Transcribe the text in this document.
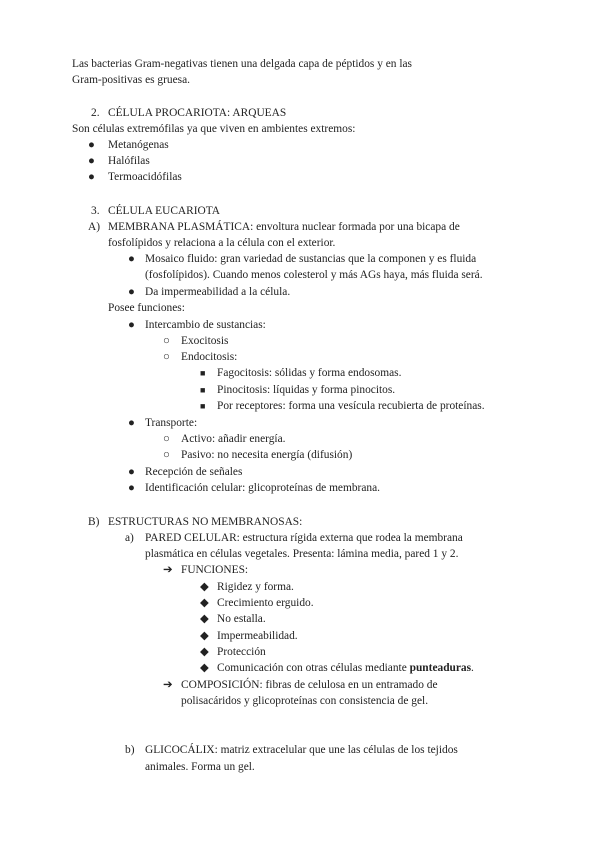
Las bacterias Gram-negativas tienen una delgada capa de péptidos y en las
Gram-positivas es gruesa.
2. CÉLULA PROCARIOTA: ARQUEAS
Son células extremófilas ya que viven en ambientes extremos:
● Metanógenas
● Halófilas
● Termoacidófilas
3. CÉLULA EUCARIOTA
A) MEMBRANA PLASMÁTICA: envoltura nuclear formada por una bicapa de
fosfolípidos y relaciona a la célula con el exterior.
● Mosaico fluido: gran variedad de sustancias que la componen y es fluida
(fosfolípidos). Cuando menos colesterol y más AGs haya, más fluida será.
● Da impermeabilidad a la célula.
Posee funciones:
● Intercambio de sustancias:
○ Exocitosis
○ Endocitosis:
■ Fagocitosis: sólidas y forma endosomas.
■ Pinocitosis: líquidas y forma pinocitos.
■ Por receptores: forma una vesícula recubierta de proteínas.
● Transporte:
○ Activo: añadir energía.
○ Pasivo: no necesita energía (difusión)
● Recepción de señales
● Identificación celular: glicoproteínas de membrana.
B) ESTRUCTURAS NO MEMBRANOSAS:
a) PARED CELULAR: estructura rígida externa que rodea la membrana
plasmática en células vegetales. Presenta: lámina media, pared 1 y 2.
➔ FUNCIONES:
◆ Rigidez y forma.
◆ Crecimiento erguido.
◆ No estalla.
◆ Impermeabilidad.
◆ Protección
◆ Comunicación con otras células mediante punteaduras.
➔ COMPOSICIÓN: fibras de celulosa en un entramado de
polisacáridos y glicoproteínas con consistencia de gel.
b) GLICOCÁLIX: matriz extracelular que une las células de los tejidos
animales. Forma un gel.
